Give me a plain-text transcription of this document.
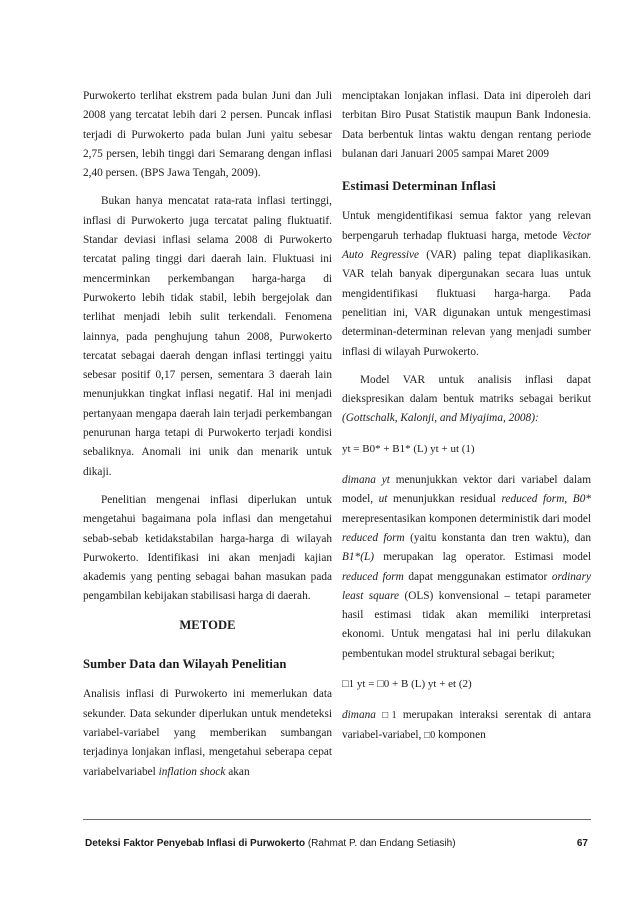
Purwokerto terlihat ekstrem pada bulan Juni dan Juli 2008 yang tercatat lebih dari 2 persen. Puncak inflasi terjadi di Purwokerto pada bulan Juni yaitu sebesar 2,75 persen, lebih tinggi dari Semarang dengan inflasi 2,40 persen. (BPS Jawa Tengah, 2009).

Bukan hanya mencatat rata-rata inflasi tertinggi, inflasi di Purwokerto juga tercatat paling fluktuatif. Standar deviasi inflasi selama 2008 di Purwokerto tercatat paling tinggi dari daerah lain. Fluktuasi ini mencerminkan perkembangan harga-harga di Purwokerto lebih tidak stabil, lebih bergejolak dan terlihat menjadi lebih sulit terkendali. Fenomena lainnya, pada penghujung tahun 2008, Purwokerto tercatat sebagai daerah dengan inflasi tertinggi yaitu sebesar positif 0,17 persen, sementara 3 daerah lain menunjukkan tingkat inflasi negatif. Hal ini menjadi pertanyaan mengapa daerah lain terjadi perkembangan penurunan harga tetapi di Purwokerto terjadi kondisi sebaliknya. Anomali ini unik dan menarik untuk dikaji.

Penelitian mengenai inflasi diperlukan untuk mengetahui bagaimana pola inflasi dan mengetahui sebab-sebab ketidakstabilan harga-harga di wilayah Purwokerto. Identifikasi ini akan menjadi kajian akademis yang penting sebagai bahan masukan pada pengambilan kebijakan stabilisasi harga di daerah.

METODE

Sumber Data dan Wilayah Penelitian

Analisis inflasi di Purwokerto ini memerlukan data sekunder. Data sekunder diperlukan untuk mendeteksi variabel-variabel yang memberikan sumbangan terjadinya lonjakan inflasi, mengetahui seberapa cepat variabelvariabel inflation shock akan

menciptakan lonjakan inflasi. Data ini diperoleh dari terbitan Biro Pusat Statistik maupun Bank Indonesia. Data berbentuk lintas waktu dengan rentang periode bulanan dari Januari 2005 sampai Maret 2009

Estimasi Determinan Inflasi

Untuk mengidentifikasi semua faktor yang relevan berpengaruh terhadap fluktuasi harga, metode Vector Auto Regressive (VAR) paling tepat diaplikasikan. VAR telah banyak dipergunakan secara luas untuk mengidentifikasi fluktuasi harga-harga. Pada penelitian ini, VAR digunakan untuk mengestimasi determinan-determinan relevan yang menjadi sumber inflasi di wilayah Purwokerto.

Model VAR untuk analisis inflasi dapat diekspresikan dalam bentuk matriks sebagai berikut (Gottschalk, Kalonji, and Miyajima, 2008):

yt = B0* + B1* (L) yt + ut (1)

dimana yt menunjukkan vektor dari variabel dalam model, ut menunjukkan residual reduced form, B0* merepresentasikan komponen deterministik dari model reduced form (yaitu konstanta dan tren waktu), dan B1*(L) merupakan lag operator. Estimasi model reduced form dapat menggunakan estimator ordinary least square (OLS) konvensional – tetapi parameter hasil estimasi tidak akan memiliki interpretasi ekonomi. Untuk mengatasi hal ini perlu dilakukan pembentukan model struktural sebagai berikut;

□1 yt = □0 + B (L) yt + et (2)

dimana □1 merupakan interaksi serentak di antara variabel-variabel, □0 komponen

Deteksi Faktor Penyebab Inflasi di Purwokerto (Rahmat P. dan Endang Setiasih)	67
